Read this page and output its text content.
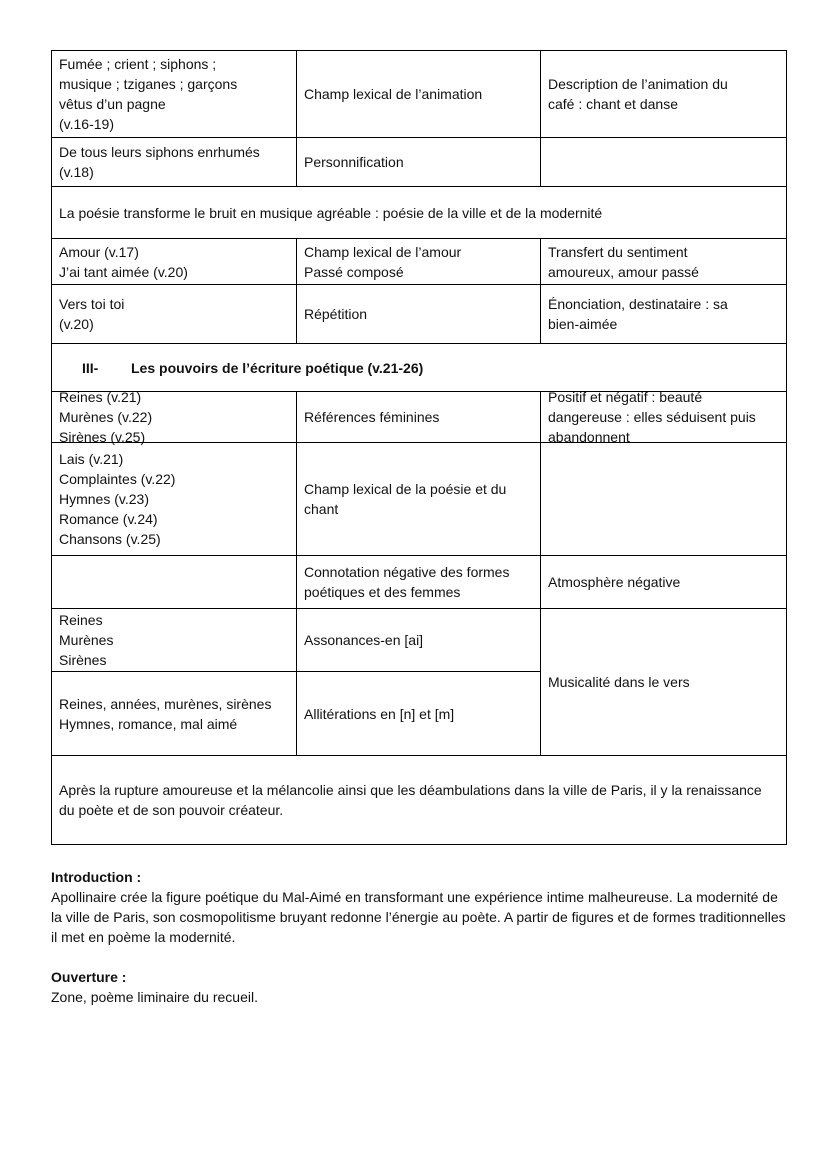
Fumée ; crient ; siphons ;
musique ; tziganes ; garçons
vêtus d’un pagne
(v.16-19)
Champ lexical de l’animation
Description de l’animation du
café : chant et danse
De tous leurs siphons enrhumés
(v.18)
Personnification
La poésie transforme le bruit en musique agréable : poésie de la ville et de la modernité
Amour (v.17)
J’ai tant aimée (v.20)
Champ lexical de l’amour
Passé composé
Transfert du sentiment
amoureux, amour passé
Vers toi toi
(v.20)
Répétition
Énonciation, destinataire : sa
bien-aimée
III- Les pouvoirs de l’écriture poétique (v.21-26)
Reines (v.21)
Murènes (v.22)
Sirènes (v.25)
Références féminines
Positif et négatif : beauté
dangereuse : elles séduisent puis
abandonnent
Lais (v.21)
Complaintes (v.22)
Hymnes (v.23)
Romance (v.24)
Chansons (v.25)
Champ lexical de la poésie et du
chant
Connotation négative des formes
poétiques et des femmes
Atmosphère négative
Reines
Murènes
Sirènes
Assonances-en [ai]
Reines, années, murènes, sirènes
Hymnes, romance, mal aimé
Allitérations en [n] et [m]
Après la rupture amoureuse et la mélancolie ainsi que les déambulations dans la ville de Paris, il y la renaissance du poète et de son pouvoir créateur.
Musicalité dans le vers
Introduction :
Apollinaire crée la figure poétique du Mal-Aimé en transformant une expérience intime malheureuse. La modernité de la ville de Paris, son cosmopolitisme bruyant redonne l’énergie au poète. A partir de figures et de formes traditionnelles il met en poème la modernité.
Ouverture :
Zone, poème liminaire du recueil.
